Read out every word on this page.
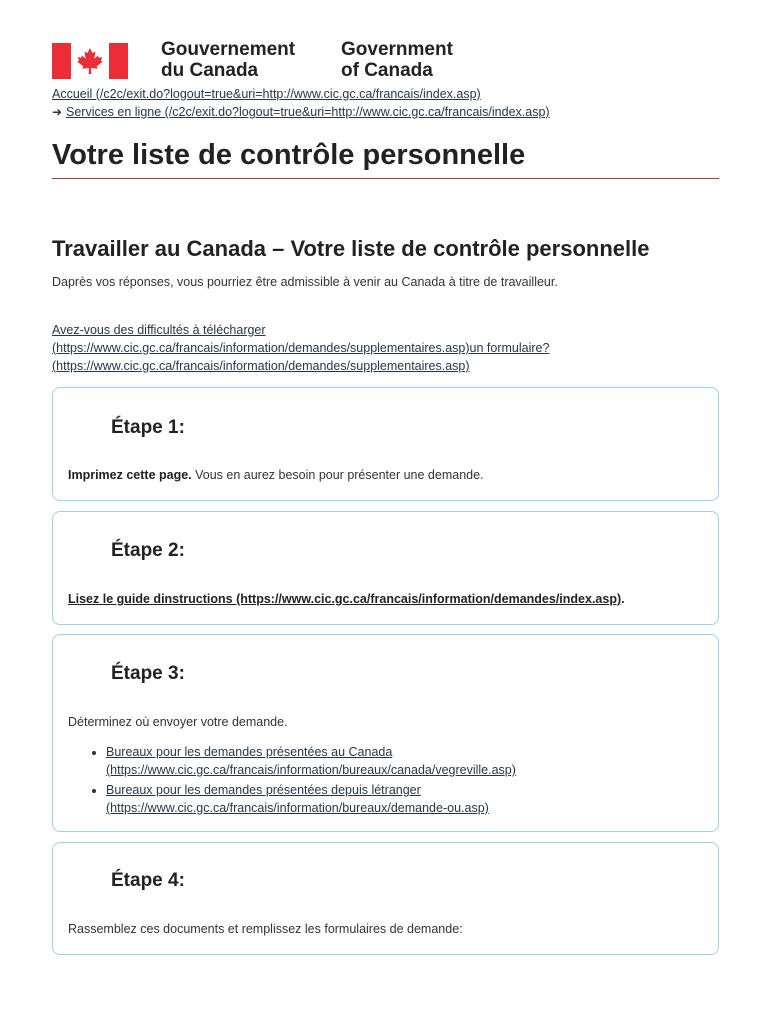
Gouvernement
du Canada
Government
of Canada
Accueil (/c2c/exit.do?logout=true&uri=http://www.cic.gc.ca/francais/index.asp)
➜ Services en ligne (/c2c/exit.do?logout=true&uri=http://www.cic.gc.ca/francais/index.asp)
Votre liste de contrôle personnelle
Travailler au Canada – Votre liste de contrôle personnelle

Daprès vos réponses, vous pourriez être admissible à venir au Canada à titre de travailleur.

Avez-vous des difficultés à télécharger (https://www.cic.gc.ca/francais/information/demandes/supplementaires.asp)un formulaire? (https://www.cic.gc.ca/francais/information/demandes/supplementaires.asp)
Étape 1:

Imprimez cette page. Vous en aurez besoin pour présenter une demande.

Étape 2:

Lisez le guide dinstructions (https://www.cic.gc.ca/francais/information/demandes/index.asp).

Étape 3:

Déterminez où envoyer votre demande.

• Bureaux pour les demandes présentées au Canada (https://www.cic.gc.ca/francais/information/bureaux/canada/vegreville.asp)
• Bureaux pour les demandes présentées depuis létranger (https://www.cic.gc.ca/francais/information/bureaux/demande-ou.asp)
Étape 4:

Rassemblez ces documents et remplissez les formulaires de demande:
